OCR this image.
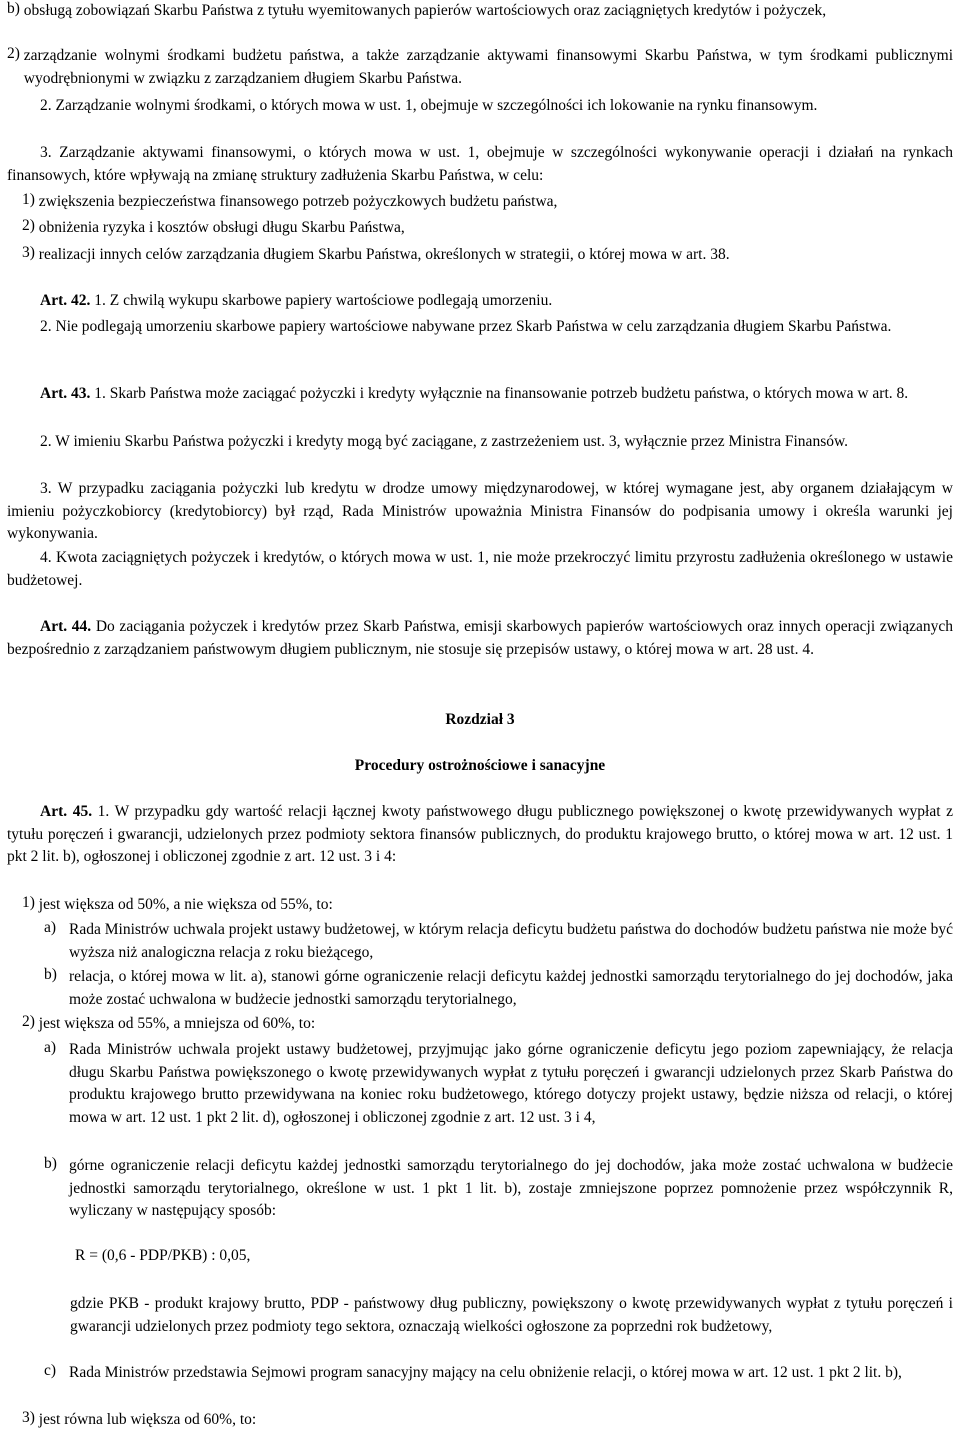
b) obsługą zobowiązań Skarbu Państwa z tytułu wyemitowanych papierów wartościowych oraz zaciągniętych kredytów i pożyczek,
2) zarządzanie wolnymi środkami budżetu państwa, a także zarządzanie aktywami finansowymi Skarbu Państwa, w tym środkami publicznymi wyodrębnionymi w związku z zarządzaniem długiem Skarbu Państwa.

2. Zarządzanie wolnymi środkami, o których mowa w ust. 1, obejmuje w szczególności ich lokowanie na rynku finansowym.

3. Zarządzanie aktywami finansowymi, o których mowa w ust. 1, obejmuje w szczególności wykonywanie operacji i działań na rynkach finansowych, które wpływają na zmianę struktury zadłużenia Skarbu Państwa, w celu:

1) zwiększenia bezpieczeństwa finansowego potrzeb pożyczkowych budżetu państwa,
2) obniżenia ryzyka i kosztów obsługi długu Skarbu Państwa,
3) realizacji innych celów zarządzania długiem Skarbu Państwa, określonych w strategii, o której mowa w art. 38.

Art. 42. 1. Z chwilą wykupu skarbowe papiery wartościowe podlegają umorzeniu.

2. Nie podlegają umorzeniu skarbowe papiery wartościowe nabywane przez Skarb Państwa w celu zarządzania długiem Skarbu Państwa.

Art. 43. 1. Skarb Państwa może zaciągać pożyczki i kredyty wyłącznie na finansowanie potrzeb budżetu państwa, o których mowa w art. 8.

2. W imieniu Skarbu Państwa pożyczki i kredyty mogą być zaciągane, z zastrzeżeniem ust. 3, wyłącznie przez Ministra Finansów.

3. W przypadku zaciągania pożyczki lub kredytu w drodze umowy międzynarodowej, w której wymagane jest, aby organem działającym w imieniu pożyczkobiorcy (kredytobiorcy) był rząd, Rada Ministrów upoważnia Ministra Finansów do podpisania umowy i określa warunki jej wykonywania.

4. Kwota zaciągniętych pożyczek i kredytów, o których mowa w ust. 1, nie może przekroczyć limitu przyrostu zadłużenia określonego w ustawie budżetowej.

Art. 44. Do zaciągania pożyczek i kredytów przez Skarb Państwa, emisji skarbowych papierów wartościowych oraz innych operacji związanych bezpośrednio z zarządzaniem państwowym długiem publicznym, nie stosuje się przepisów ustawy, o której mowa w art. 28 ust. 4.

Rozdział 3

Procedury ostrożnościowe i sanacyjne

Art. 45. 1. W przypadku gdy wartość relacji łącznej kwoty państwowego długu publicznego powiększonej o kwotę przewidywanych wypłat z tytułu poręczeń i gwarancji, udzielonych przez podmioty sektora finansów publicznych, do produktu krajowego brutto, o której mowa w art. 12 ust. 1 pkt 2 lit. b), ogłoszonej i obliczonej zgodnie z art. 12 ust. 3 i 4:

1) jest większa od 50%, a nie większa od 55%, to:
a) Rada Ministrów uchwala projekt ustawy budżetowej, w którym relacja deficytu budżetu państwa do dochodów budżetu państwa nie może być wyższa niż analogiczna relacja z roku bieżącego,
b) relacja, o której mowa w lit. a), stanowi górne ograniczenie relacji deficytu każdej jednostki samorządu terytorialnego do jej dochodów, jaka może zostać uchwalona w budżecie jednostki samorządu terytorialnego,
2) jest większa od 55%, a mniejsza od 60%, to:
a) Rada Ministrów uchwala projekt ustawy budżetowej, przyjmując jako górne ograniczenie deficytu jego poziom zapewniający, że relacja długu Skarbu Państwa powiększonego o kwotę przewidywanych wypłat z tytułu poręczeń i gwarancji udzielonych przez Skarb Państwa do produktu krajowego brutto przewidywana na koniec roku budżetowego, którego dotyczy projekt ustawy, będzie niższa od relacji, o której mowa w art. 12 ust. 1 pkt 2 lit. d), ogłoszonej i obliczonej zgodnie z art. 12 ust. 3 i 4,
b) górne ograniczenie relacji deficytu każdej jednostki samorządu terytorialnego do jej dochodów, jaka może zostać uchwalona w budżecie jednostki samorządu terytorialnego, określone w ust. 1 pkt 1 lit. b), zostaje zmniejszone poprzez pomnożenie przez współczynnik R, wyliczany w następujący sposób:

R = (0,6 - PDP/PKB) : 0,05,

gdzie PKB - produkt krajowy brutto, PDP - państwowy dług publiczny, powiększony o kwotę przewidywanych wypłat z tytułu poręczeń i gwarancji udzielonych przez podmioty tego sektora, oznaczają wielkości ogłoszone za poprzedni rok budżetowy,

c) Rada Ministrów przedstawia Sejmowi program sanacyjny mający na celu obniżenie relacji, o której mowa w art. 12 ust. 1 pkt 2 lit. b),
3) jest równa lub większa od 60%, to:
